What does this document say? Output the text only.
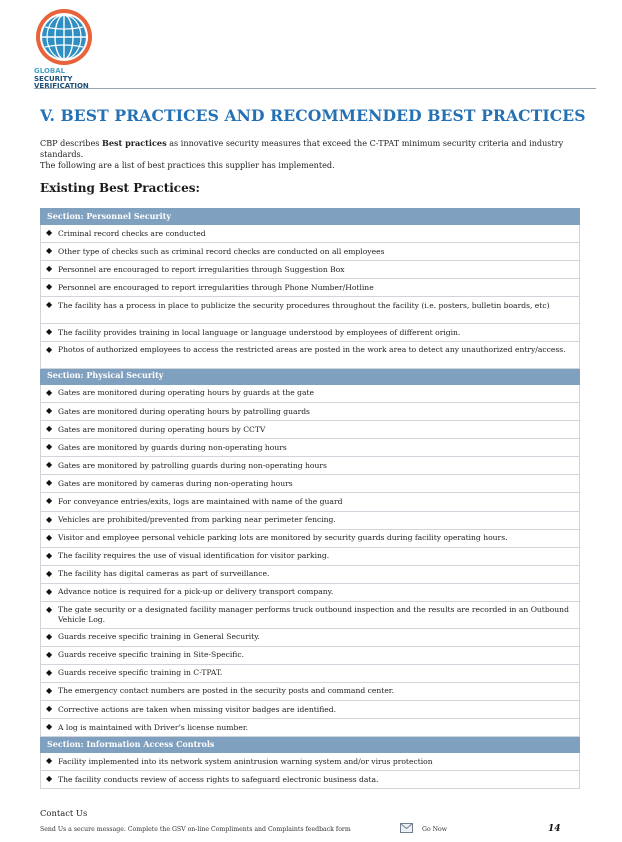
GLOBAL
SECURITY
VERIFICATION
V. BEST PRACTICES AND RECOMMENDED BEST PRACTICES
CBP describes Best practices as innovative security measures that exceed the C-TPAT minimum security criteria and industry standards.
The following are a list of best practices this supplier has implemented.
Existing Best Practices:
Section: Personnel Security

◆ Criminal record checks are conducted

◆ Other type of checks such as criminal record checks are conducted on all employees

◆ Personnel are encouraged to report irregularities through Suggestion Box

◆ Personnel are encouraged to report irregularities through Phone Number/Hotline

◆ The facility has a process in place to publicize the security procedures throughout the facility (i.e. posters, bulletin boards, etc)

◆ The facility provides training in local language or language understood by employees of different origin.

◆ Photos of authorized employees to access the restricted areas are posted in the work area to detect any unauthorized entry/access.
Section: Physical Security

◆ Gates are monitored during operating hours by guards at the gate

◆ Gates are monitored during operating hours by patrolling guards

◆ Gates are monitored during operating hours by CCTV

◆ Gates are monitored by guards during non-operating hours

◆ Gates are monitored by patrolling guards during non-operating hours

◆ Gates are monitored by cameras during non-operating hours

◆ For conveyance entries/exits, logs are maintained with name of the guard

◆ Vehicles are prohibited/prevented from parking near perimeter fencing.

◆ Visitor and employee personal vehicle parking lots are monitored by security guards during facility operating hours.

◆ The facility requires the use of visual identification for visitor parking.

◆ The facility has digital cameras as part of surveillance.

◆ Advance notice is required for a pick-up or delivery transport company.

◆ The gate security or a designated facility manager performs truck outbound inspection and the results are recorded in an Outbound Vehicle Log.

◆ Guards receive specific training in General Security.

◆ Guards receive specific training in Site-Specific.

◆ Guards receive specific training in C-TPAT.

◆ The emergency contact numbers are posted in the security posts and command center.

◆ Corrective actions are taken when missing visitor badges are identified.

◆ A log is maintained with Driver’s license number.
Section: Information Access Controls

◆ Facility implemented into its network system anintrusion warning system and/or virus protection

◆ The facility conducts review of access rights to safeguard electronic business data.
Contact Us
Send Us a secure message. Complete the GSV on-line Compliments and Complaints feedback form	Go Now	14
